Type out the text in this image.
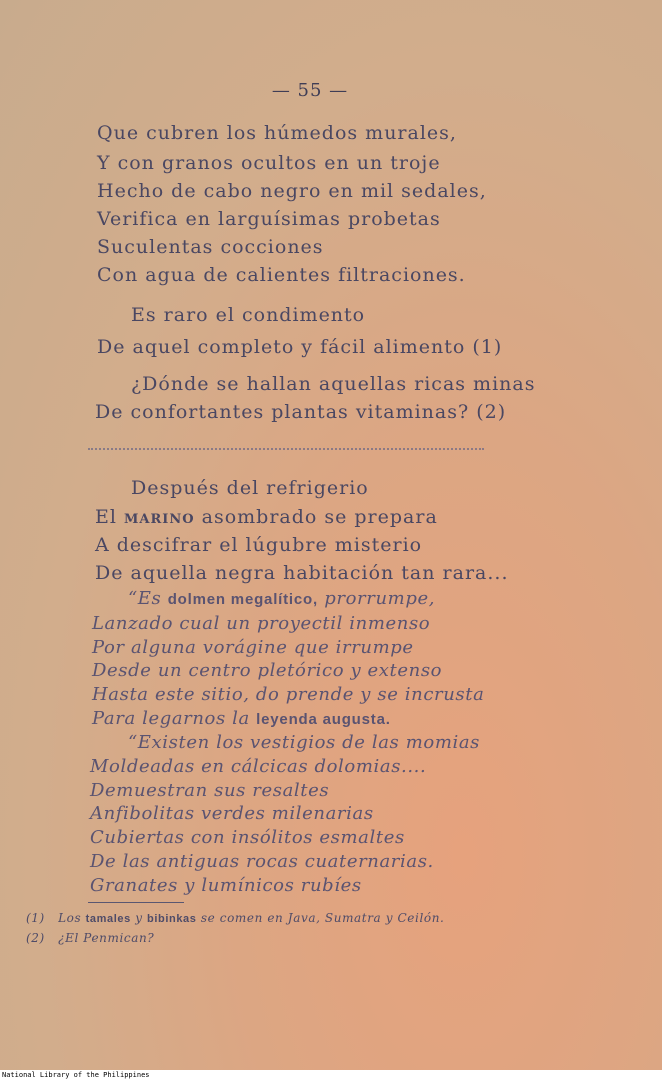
— 55 —
Que cubren los húmedos murales,
Y con granos ocultos en un troje
Hecho de cabo negro en mil sedales,
Verifica en larguísimas probetas
Suculentas cocciones
Con agua de calientes filtraciones.
Es raro el condimento
De aquel completo y fácil alimento (1)
¿Dónde se hallan aquellas ricas minas
De confortantes plantas vitaminas? (2)
Después del refrigerio
El MARINO asombrado se prepara
A descifrar el lúgubre misterio
De aquella negra habitación tan rara...
“Es dolmen megalítico, prorrumpe,
Lanzado cual un proyectil inmenso
Por alguna vorágine que irrumpe
Desde un centro pletórico y extenso
Hasta este sitio, do prende y se incrusta
Para legarnos la leyenda augusta.
“Existen los vestigios de las momias
Moldeadas en cálcicas dolomias....
Demuestran sus resaltes
Anfibolitas verdes milenarias
Cubiertas con insólitos esmaltes
De las antiguas rocas cuaternarias.
Granates y lumínicos rubíes
(1) Los tamales y bibinkas se comen en Java, Sumatra y Ceilón.
(2) ¿El Penmican?
National Library of the Philippines
